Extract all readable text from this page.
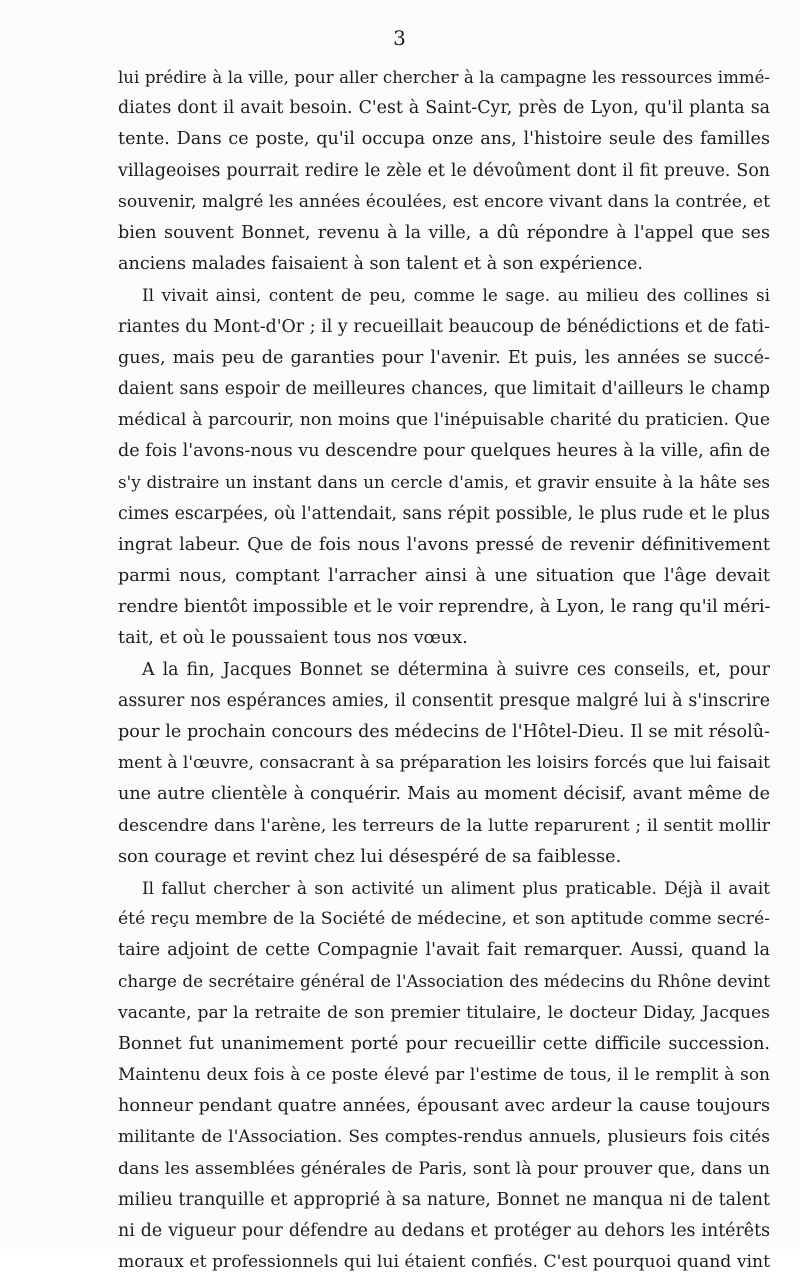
3
lui prédire à la ville, pour aller chercher à la campagne les ressources immé-
diates dont il avait besoin. C'est à Saint-Cyr, près de Lyon, qu'il planta sa
tente. Dans ce poste, qu'il occupa onze ans, l'histoire seule des familles
villageoises pourrait redire le zèle et le dévoûment dont il fit preuve. Son
souvenir, malgré les années écoulées, est encore vivant dans la contrée, et
bien souvent Bonnet, revenu à la ville, a dû répondre à l'appel que ses
anciens malades faisaient à son talent et à son expérience.
Il vivait ainsi, content de peu, comme le sage. au milieu des collines si
riantes du Mont-d'Or ; il y recueillait beaucoup de bénédictions et de fati-
gues, mais peu de garanties pour l'avenir. Et puis, les années se succé-
daient sans espoir de meilleures chances, que limitait d'ailleurs le champ
médical à parcourir, non moins que l'inépuisable charité du praticien. Que
de fois l'avons-nous vu descendre pour quelques heures à la ville, afin de
s'y distraire un instant dans un cercle d'amis, et gravir ensuite à la hâte ses
cimes escarpées, où l'attendait, sans répit possible, le plus rude et le plus
ingrat labeur. Que de fois nous l'avons pressé de revenir définitivement
parmi nous, comptant l'arracher ainsi à une situation que l'âge devait
rendre bientôt impossible et le voir reprendre, à Lyon, le rang qu'il méri-
tait, et où le poussaient tous nos vœux.
A la fin, Jacques Bonnet se détermina à suivre ces conseils, et, pour
assurer nos espérances amies, il consentit presque malgré lui à s'inscrire
pour le prochain concours des médecins de l'Hôtel-Dieu. Il se mit résolû-
ment à l'œuvre, consacrant à sa préparation les loisirs forcés que lui faisait
une autre clientèle à conquérir. Mais au moment décisif, avant même de
descendre dans l'arène, les terreurs de la lutte reparurent ; il sentit mollir
son courage et revint chez lui désespéré de sa faiblesse.
Il fallut chercher à son activité un aliment plus praticable. Déjà il avait
été reçu membre de la Société de médecine, et son aptitude comme secré-
taire adjoint de cette Compagnie l'avait fait remarquer. Aussi, quand la
charge de secrétaire général de l'Association des médecins du Rhône devint
vacante, par la retraite de son premier titulaire, le docteur Diday, Jacques
Bonnet fut unanimement porté pour recueillir cette difficile succession.
Maintenu deux fois à ce poste élevé par l'estime de tous, il le remplit à son
honneur pendant quatre années, épousant avec ardeur la cause toujours
militante de l'Association. Ses comptes-rendus annuels, plusieurs fois cités
dans les assemblées générales de Paris, sont là pour prouver que, dans un
milieu tranquille et approprié à sa nature, Bonnet ne manqua ni de talent
ni de vigueur pour défendre au dedans et protéger au dehors les intérêts
moraux et professionnels qui lui étaient confiés. C'est pourquoi quand vint
